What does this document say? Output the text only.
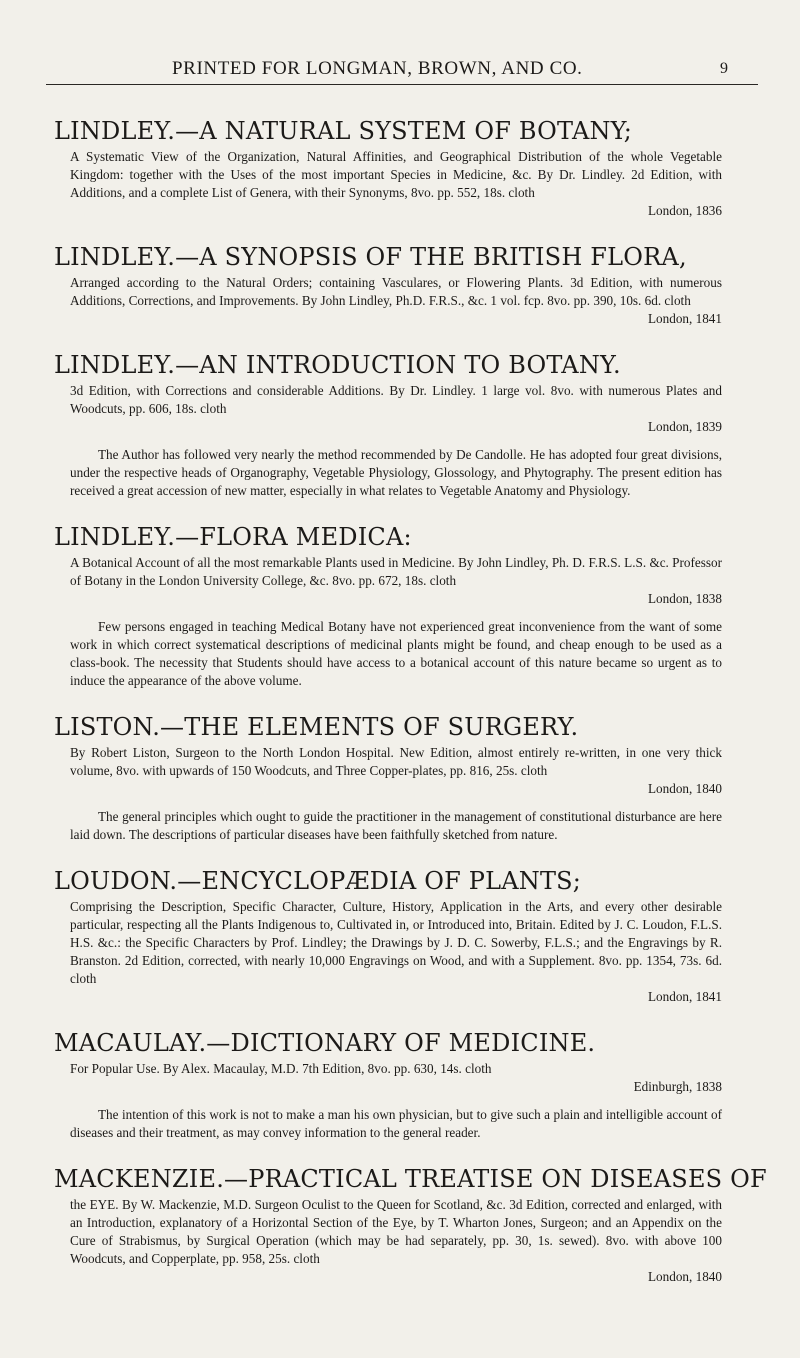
PRINTED FOR LONGMAN, BROWN, AND CO.	9
LINDLEY.—A NATURAL SYSTEM OF BOTANY;

A Systematic View of the Organization, Natural Affinities, and Geographical Distribution of the whole Vegetable Kingdom: together with the Uses of the most important Species in Medicine, &c. By Dr. Lindley. 2d Edition, with Additions, and a complete List of Genera, with their Synonyms, 8vo. pp. 552, 18s. cloth

London, 1836

LINDLEY.—A SYNOPSIS OF THE BRITISH FLORA,

Arranged according to the Natural Orders; containing Vasculares, or Flowering Plants. 3d Edition, with numerous Additions, Corrections, and Improvements. By John Lindley, Ph.D. F.R.S., &c. 1 vol. fcp. 8vo. pp. 390, 10s. 6d. cloth

London, 1841

LINDLEY.—AN INTRODUCTION TO BOTANY.

3d Edition, with Corrections and considerable Additions. By Dr. Lindley. 1 large vol. 8vo. with numerous Plates and Woodcuts, pp. 606, 18s. cloth

London, 1839

The Author has followed very nearly the method recommended by De Candolle. He has adopted four great divisions, under the respective heads of Organography, Vegetable Physiology, Glossology, and Phytography. The present edition has received a great accession of new matter, especially in what relates to Vegetable Anatomy and Physiology.

LINDLEY.—FLORA MEDICA:

A Botanical Account of all the most remarkable Plants used in Medicine. By John Lindley, Ph. D. F.R.S. L.S. &c. Professor of Botany in the London University College, &c. 8vo. pp. 672, 18s. cloth

London, 1838

Few persons engaged in teaching Medical Botany have not experienced great inconvenience from the want of some work in which correct systematical descriptions of medicinal plants might be found, and cheap enough to be used as a class-book. The necessity that Students should have access to a botanical account of this nature became so urgent as to induce the appearance of the above volume.

LISTON.—THE ELEMENTS OF SURGERY.

By Robert Liston, Surgeon to the North London Hospital. New Edition, almost entirely re-written, in one very thick volume, 8vo. with upwards of 150 Woodcuts, and Three Copper-plates, pp. 816, 25s. cloth

London, 1840

The general principles which ought to guide the practitioner in the management of constitutional disturbance are here laid down. The descriptions of particular diseases have been faithfully sketched from nature.

LOUDON.—ENCYCLOPÆDIA OF PLANTS;

Comprising the Description, Specific Character, Culture, History, Application in the Arts, and every other desirable particular, respecting all the Plants Indigenous to, Cultivated in, or Introduced into, Britain. Edited by J. C. Loudon, F.L.S. H.S. &c.: the Specific Characters by Prof. Lindley; the Drawings by J. D. C. Sowerby, F.L.S.; and the Engravings by R. Branston. 2d Edition, corrected, with nearly 10,000 Engravings on Wood, and with a Supplement. 8vo. pp. 1354, 73s. 6d. cloth

London, 1841

MACAULAY.—DICTIONARY OF MEDICINE.

For Popular Use. By Alex. Macaulay, M.D. 7th Edition, 8vo. pp. 630, 14s. cloth

Edinburgh, 1838

The intention of this work is not to make a man his own physician, but to give such a plain and intelligible account of diseases and their treatment, as may convey information to the general reader.

MACKENZIE.—PRACTICAL TREATISE ON DISEASES OF

the EYE. By W. Mackenzie, M.D. Surgeon Oculist to the Queen for Scotland, &c. 3d Edition, corrected and enlarged, with an Introduction, explanatory of a Horizontal Section of the Eye, by T. Wharton Jones, Surgeon; and an Appendix on the Cure of Strabismus, by Surgical Operation (which may be had separately, pp. 30, 1s. sewed). 8vo. with above 100 Woodcuts, and Copperplate, pp. 958, 25s. cloth

London, 1840
